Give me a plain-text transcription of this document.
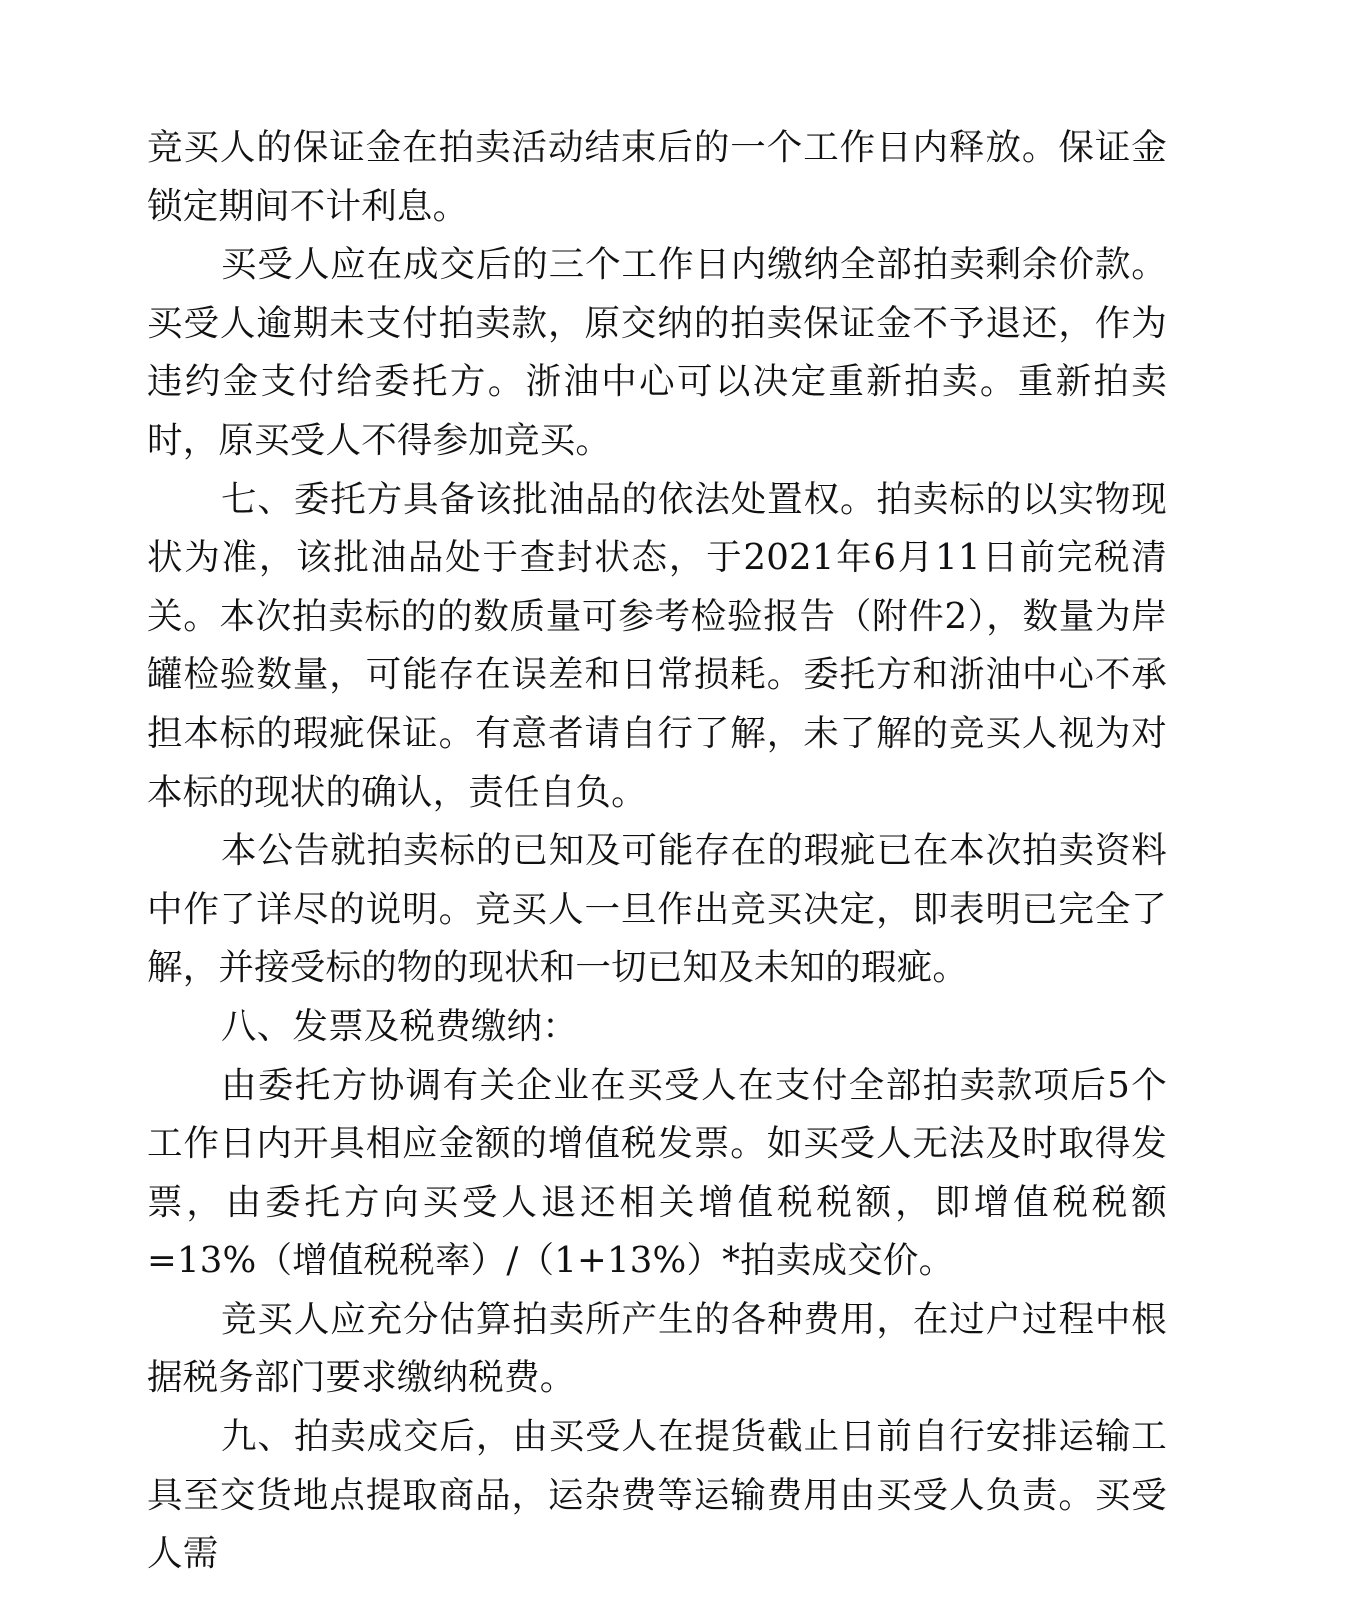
竞买人的保证金在拍卖活动结束后的一个工作日内释放。保证金锁定期间不计利息。

买受人应在成交后的三个工作日内缴纳全部拍卖剩余价款。买受人逾期未支付拍卖款，原交纳的拍卖保证金不予退还，作为违约金支付给委托方。浙油中心可以决定重新拍卖。重新拍卖时，原买受人不得参加竞买。

七、委托方具备该批油品的依法处置权。拍卖标的以实物现状为准，该批油品处于查封状态，于2021年6月11日前完税清关。本次拍卖标的的数质量可参考检验报告（附件2），数量为岸罐检验数量，可能存在误差和日常损耗。委托方和浙油中心不承担本标的瑕疵保证。有意者请自行了解，未了解的竞买人视为对本标的现状的确认，责任自负。

本公告就拍卖标的已知及可能存在的瑕疵已在本次拍卖资料中作了详尽的说明。竞买人一旦作出竞买决定，即表明已完全了解，并接受标的物的现状和一切已知及未知的瑕疵。

八、发票及税费缴纳：

由委托方协调有关企业在买受人在支付全部拍卖款项后5个工作日内开具相应金额的增值税发票。如买受人无法及时取得发票，由委托方向买受人退还相关增值税税额，即增值税税额=13%（增值税税率）/（1+13%）*拍卖成交价。

竞买人应充分估算拍卖所产生的各种费用，在过户过程中根据税务部门要求缴纳税费。

九、拍卖成交后，由买受人在提货截止日前自行安排运输工具至交货地点提取商品，运杂费等运输费用由买受人负责。买受人需
